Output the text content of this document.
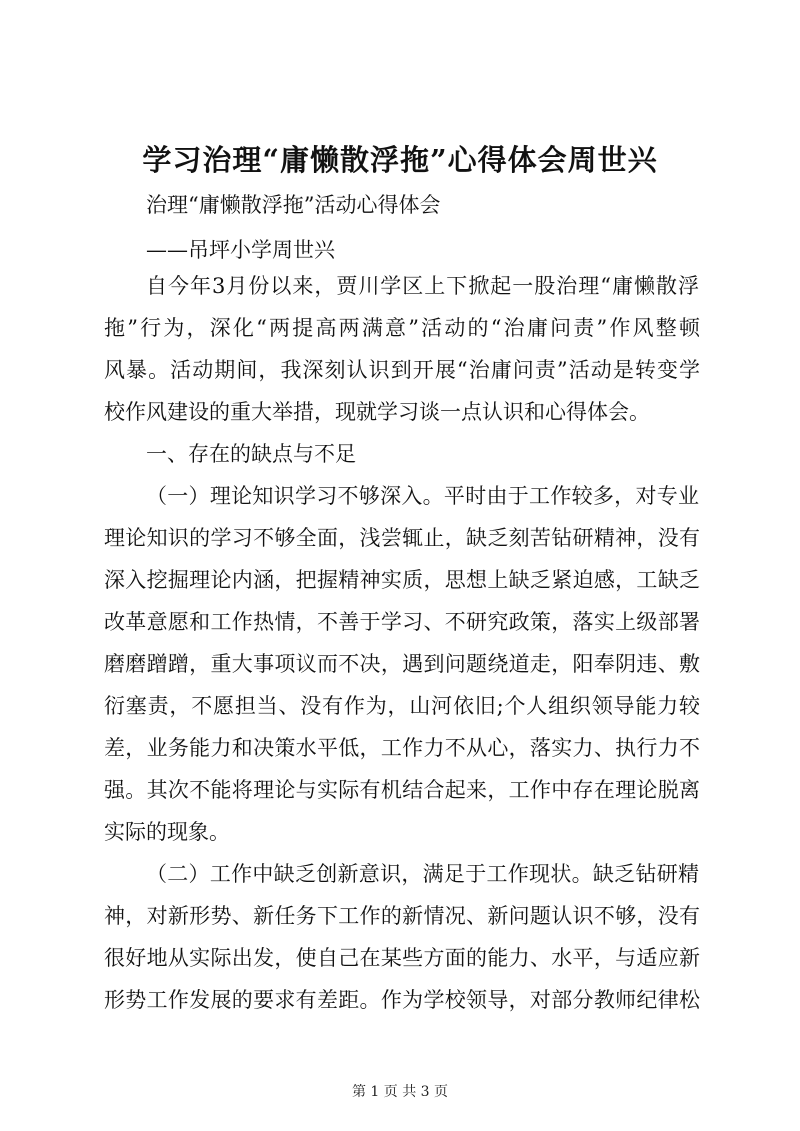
学习治理“庸懒散浮拖”心得体会周世兴
治理“庸懒散浮拖”活动心得体会
——吊坪小学周世兴
自今年3月份以来，贾川学区上下掀起一股治理“庸懒散浮
拖”行为，深化“两提高两满意”活动的“治庸问责”作风整顿
风暴。活动期间，我深刻认识到开展“治庸问责”活动是转变学
校作风建设的重大举措，现就学习谈一点认识和心得体会。
一、存在的缺点与不足
（一）理论知识学习不够深入。平时由于工作较多，对专业
理论知识的学习不够全面，浅尝辄止，缺乏刻苦钻研精神，没有
深入挖掘理论内涵，把握精神实质，思想上缺乏紧迫感，工缺乏
改革意愿和工作热情，不善于学习、不研究政策，落实上级部署
磨磨蹭蹭，重大事项议而不决，遇到问题绕道走，阳奉阴违、敷
衍塞责，不愿担当、没有作为，山河依旧;个人组织领导能力较
差，业务能力和决策水平低，工作力不从心，落实力、执行力不
强。其次不能将理论与实际有机结合起来，工作中存在理论脱离
实际的现象。
（二）工作中缺乏创新意识，满足于工作现状。缺乏钻研精
神，对新形势、新任务下工作的新情况、新问题认识不够，没有
很好地从实际出发，使自己在某些方面的能力、水平，与适应新
形势工作发展的要求有差距。作为学校领导，对部分教师纪律松
第 1 页 共 3 页
